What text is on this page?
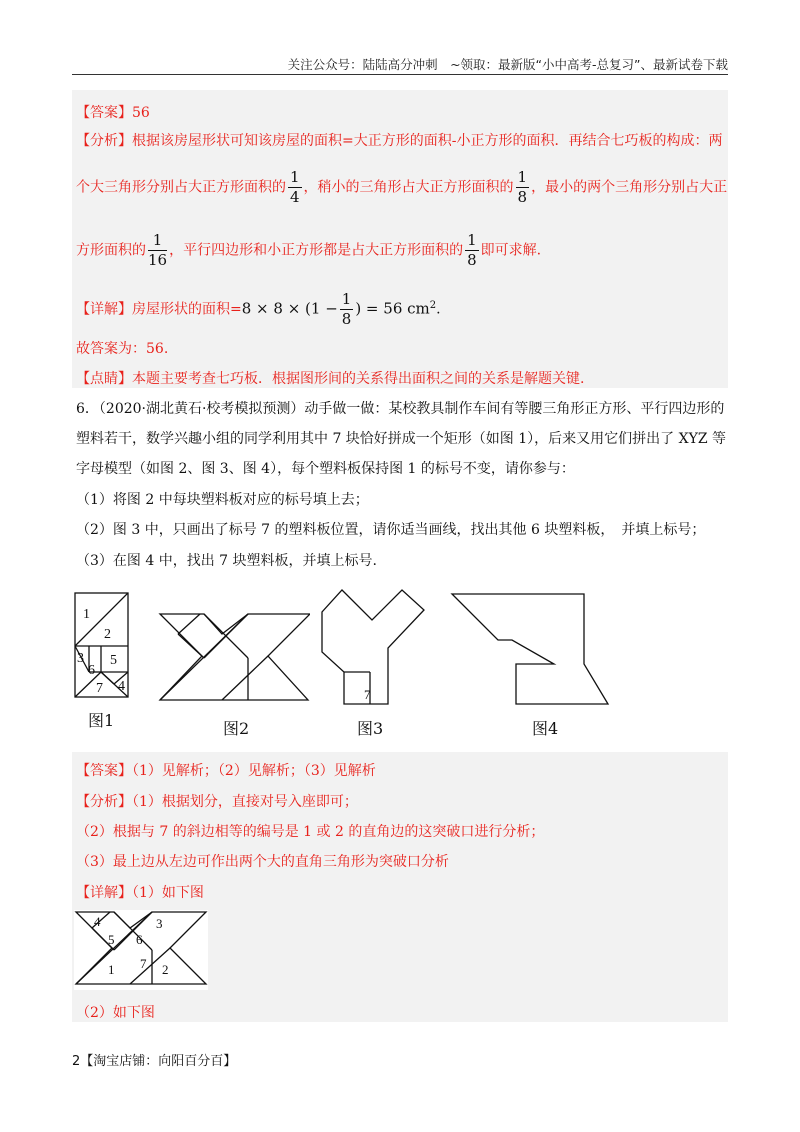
关注公众号：陆陆高分冲刺　~领取：最新版“小中高考-总复习”、最新试卷下载
【答案】56
【分析】根据该房屋形状可知该房屋的面积=大正方形的面积-小正方形的面积．再结合七巧板的构成：两
个大三角形分别占大正方形面积的 $\frac{1}{4}$ ，稍小的三角形占大正方形面积的 $\frac{1}{8}$ ，最小的两个三角形分别占大正
方形面积的 $\frac{1}{16}$ ，平行四边形和小正方形都是占大正方形面积的 $\frac{1}{8}$ 即可求解.
【详解】房屋形状的面积$=8 \times 8 \times (1 - \frac{1}{8}$ ) = 56 $cm^2$.
故答案为：56.
【点睛】本题主要考查七巧板．根据图形间的关系得出面积之间的关系是解题关键.
6．（2020·湖北黄石·校考模拟预测）动手做一做：某校教具制作车间有等腰三角形正方形、平行四边形的
塑料若干，数学兴趣小组的同学利用其中 7 块恰好拼成一个矩形（如图 1），后来又用它们拼出了 XYZ 等
字母模型（如图 2、图 3、图 4），每个塑料板保持图 1 的标号不变，请你参与：
（1）将图 2 中每块塑料板对应的标号填上去；
（2）图 3 中，只画出了标号 7 的塑料板位置，请你适当画线，找出其他 6 块塑料板，　并填上标号；
（3）在图 4 中，找出 7 块塑料板，并填上标号.
1
2
3
6
5
7 4
图1	图2
7
图3	图4
【答案】（1）见解析；（2）见解析；（3）见解析
【分析】（1）根据划分，直接对号入座即可；
（2）根据与 7 的斜边相等的编号是 1 或 2 的直角边的这突破口进行分析；
（3）最上边从左边可作出两个大的直角三角形为突破口分析
【详解】（1）如下图
4
5 6
3
7
1	2
（2）如下图
2【淘宝店铺：向阳百分百】
